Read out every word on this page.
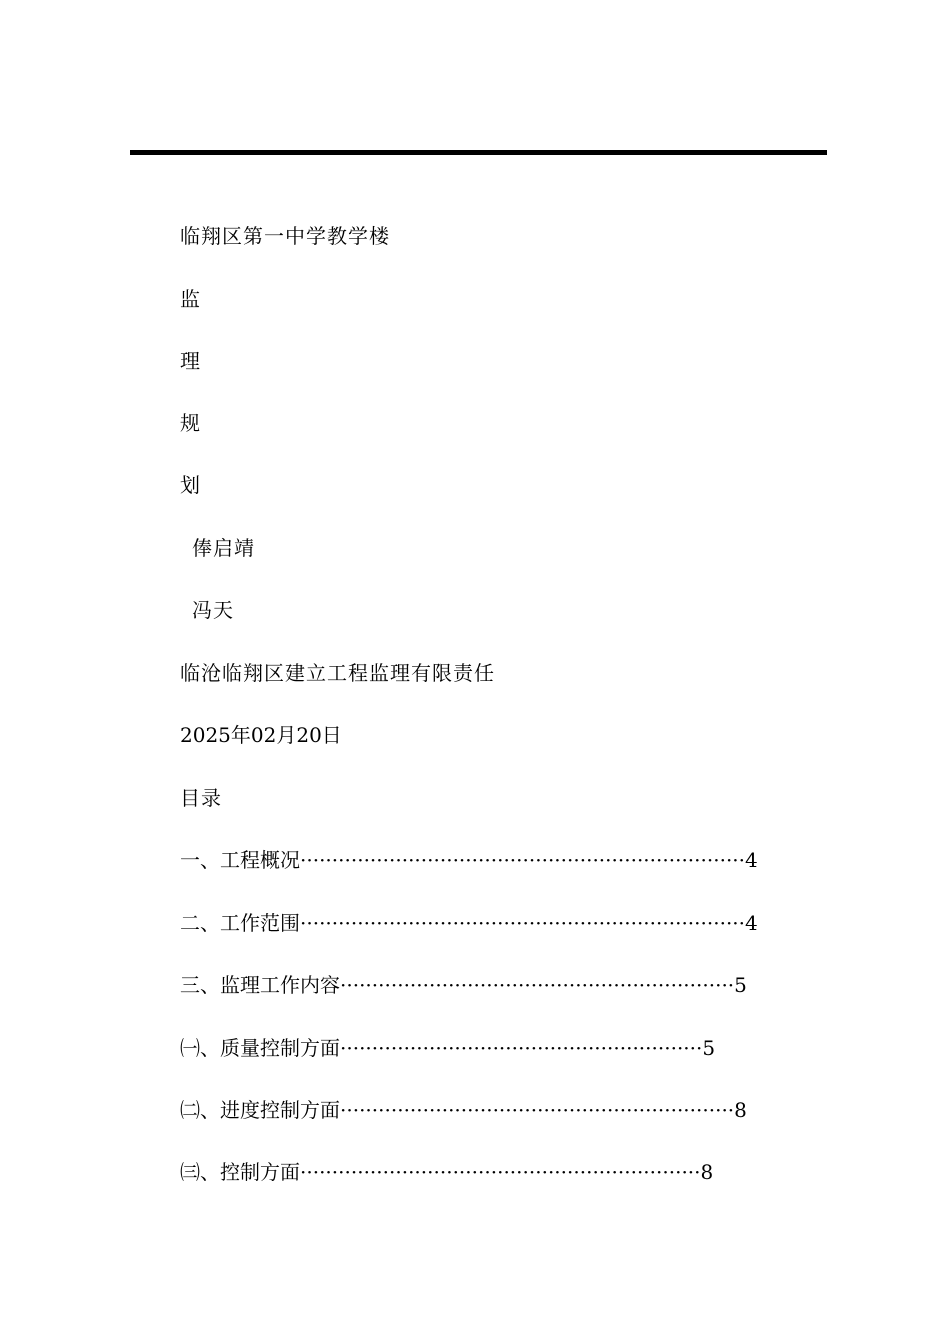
临翔区第一中学教学楼
监
理
规
划
俸启靖
冯天
临沧临翔区建立工程监理有限责任
2025年02月20日
目录
一、工程概况······································································4
二、工作范围······································································4
三、监理工作内容······························································5
㈠、质量控制方面·························································5
㈡、进度控制方面······························································8
㈢、控制方面·······························································8
